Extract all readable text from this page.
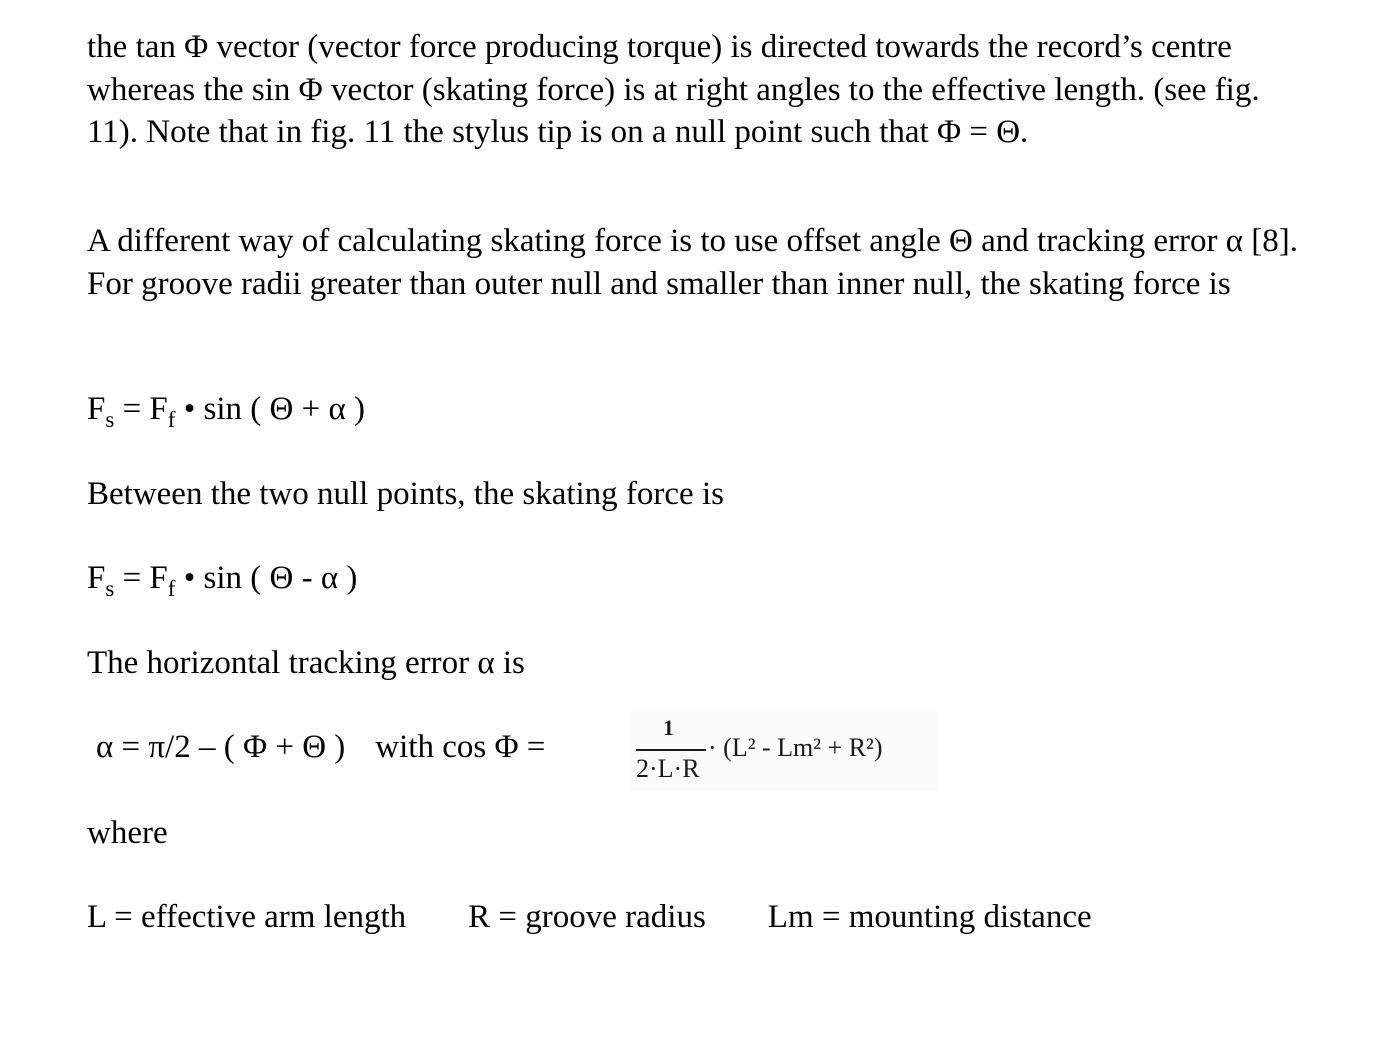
the tan Φ vector (vector force producing torque) is directed towards the record’s centre whereas the sin Φ vector (skating force) is at right angles to the effective length. (see fig. 11). Note that in fig. 11 the stylus tip is on a null point such that Φ = Θ.

A different way of calculating skating force is to use offset angle Θ and tracking error α [8]. For groove radii greater than outer null and smaller than inner null, the skating force is

$F_s = F_f$ • sin ( Θ + α )
Between the two null points, the skating force is
$F_s = F_f$ • sin ( Θ - α )
The horizontal tracking error α is
α = π/2 – ( Φ + Θ ) with cos Φ =
1
2·L·R
· (L² - Lm² + R²)
where
L = effective arm length R = groove radius Lm = mounting distance
